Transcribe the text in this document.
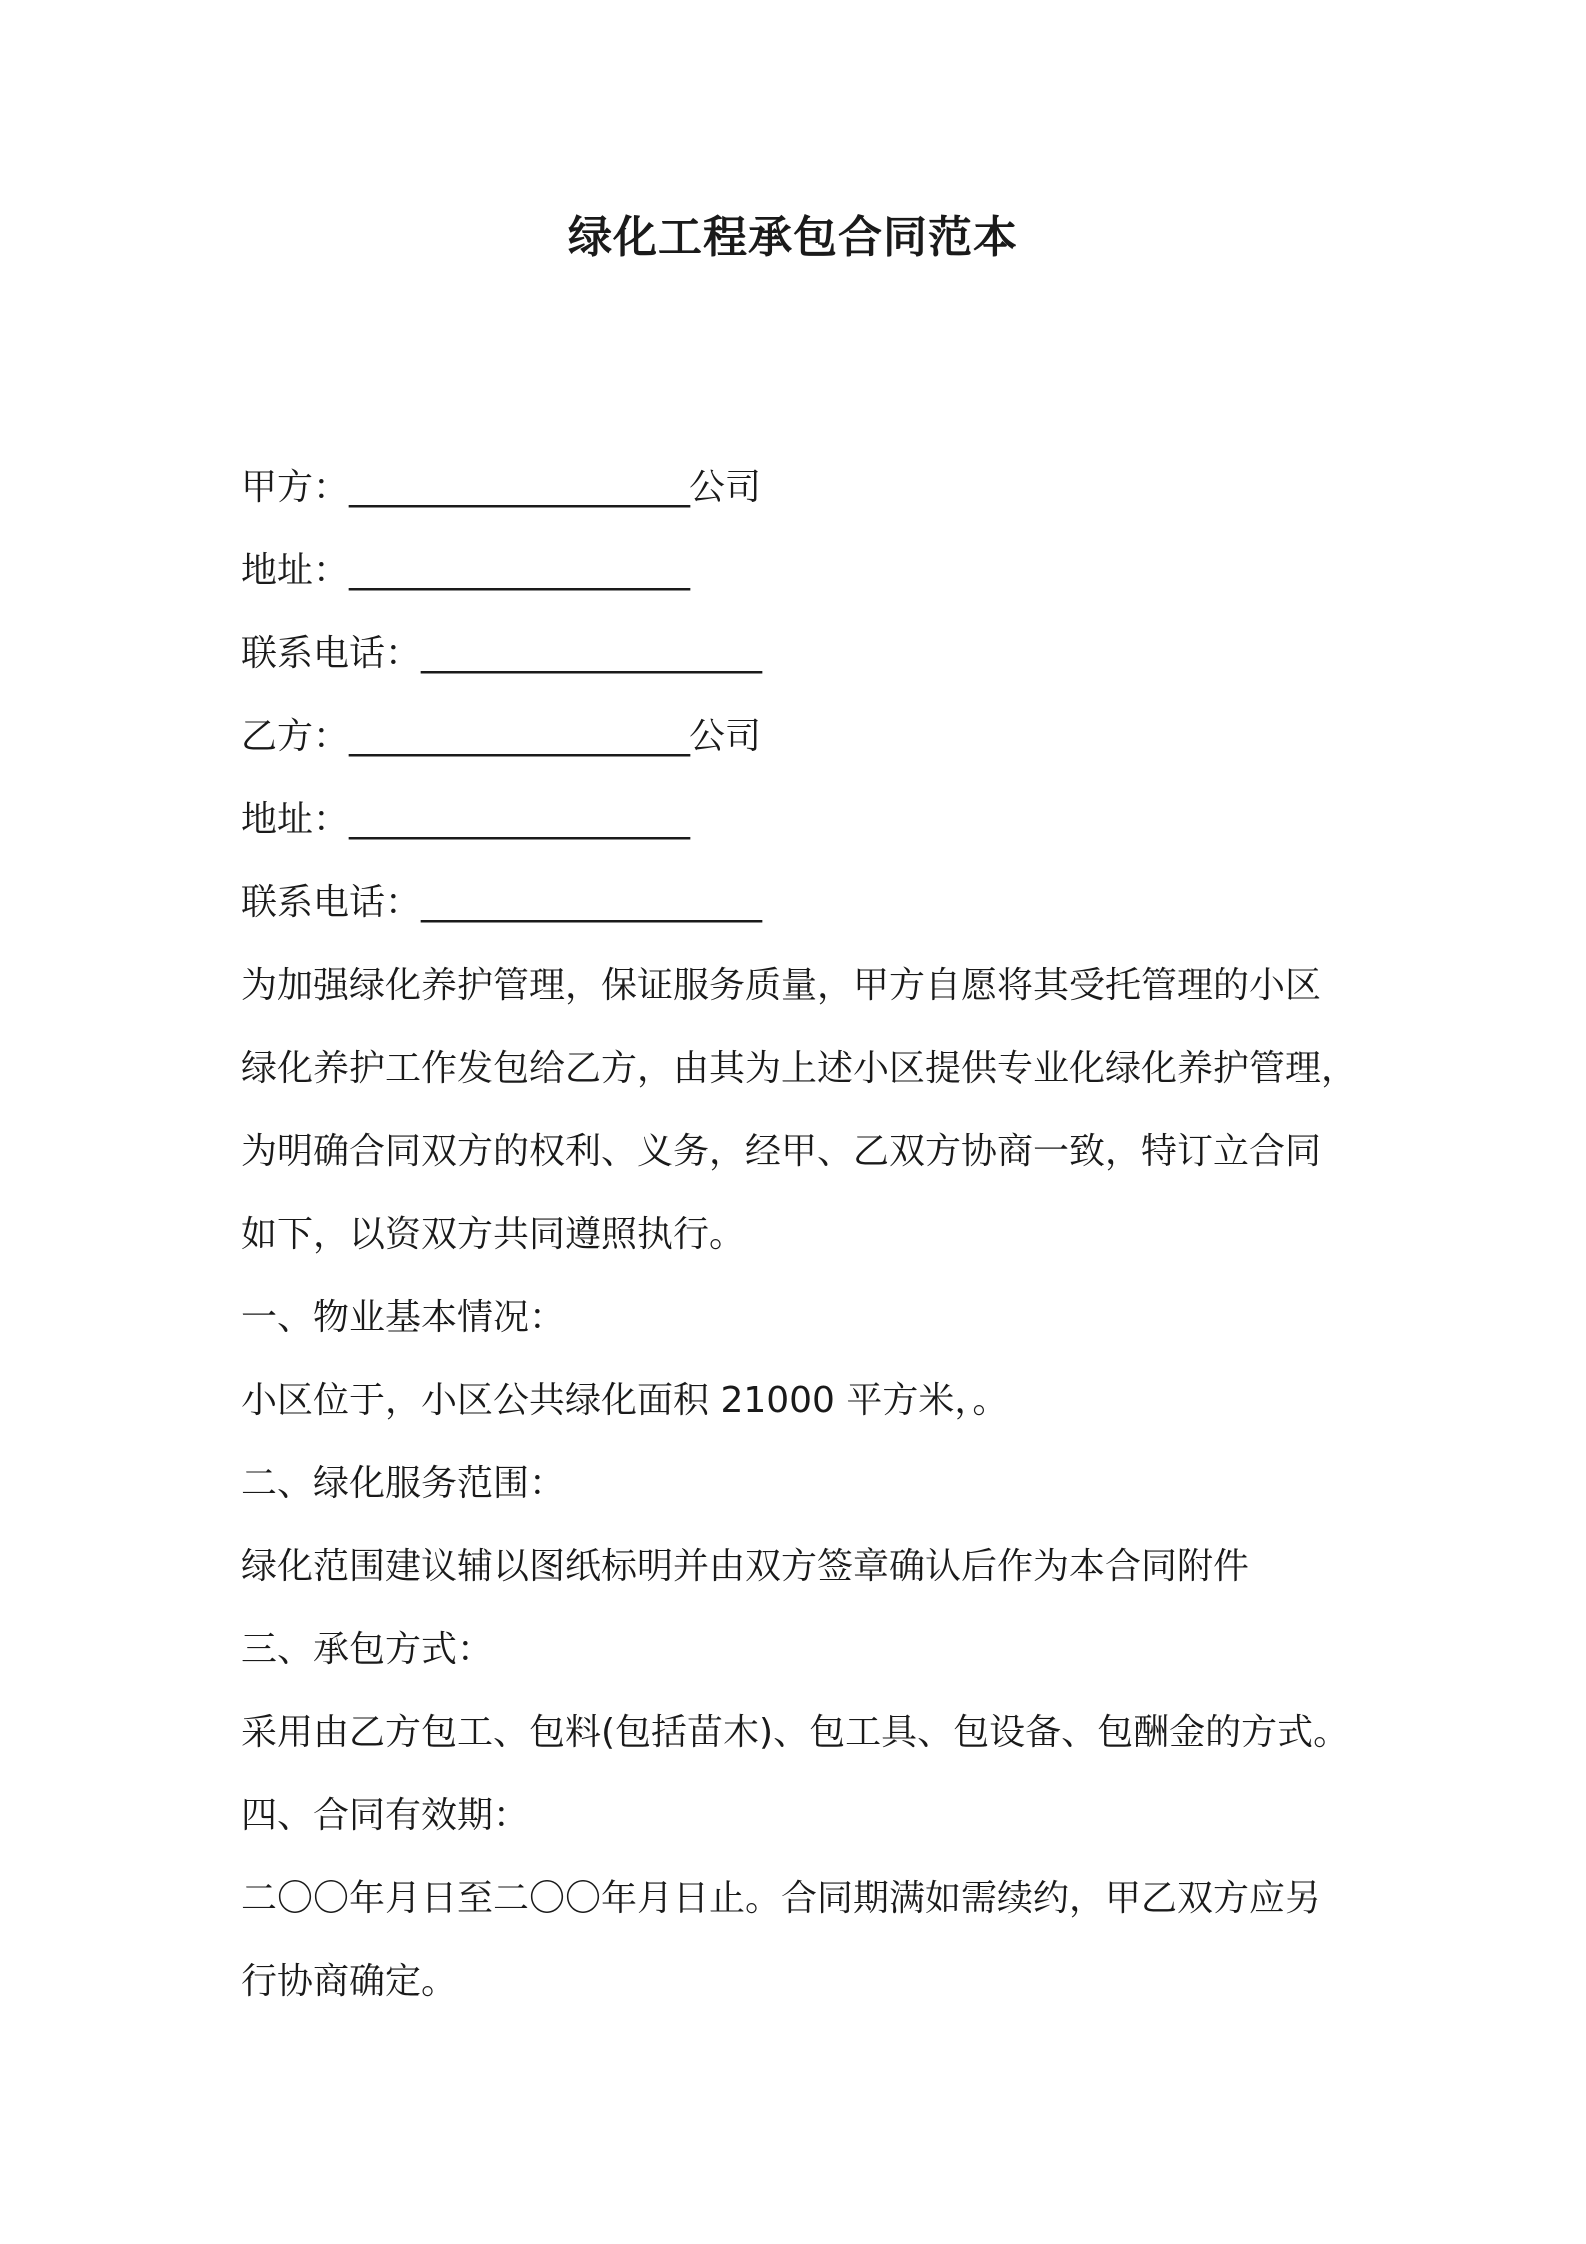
绿化工程承包合同范本
甲方：____________________公司
地址：____________________
联系电话：____________________
乙方：____________________公司
地址：____________________
联系电话：____________________
为加强绿化养护管理，保证服务质量，甲方自愿将其受托管理的小区
绿化养护工作发包给乙方，由其为上述小区提供专业化绿化养护管理，
为明确合同双方的权利、义务，经甲、乙双方协商一致，特订立合同
如下，以资双方共同遵照执行。
一、物业基本情况：
小区位于，小区公共绿化面积 21000 平方米，。
二、绿化服务范围：
绿化范围建议辅以图纸标明并由双方签章确认后作为本合同附件
三、承包方式：
采用由乙方包工、包料(包括苗木)、包工具、包设备、包酬金的方式。
四、合同有效期：
二〇〇年月日至二〇〇年月日止。合同期满如需续约，甲乙双方应另
行协商确定。
